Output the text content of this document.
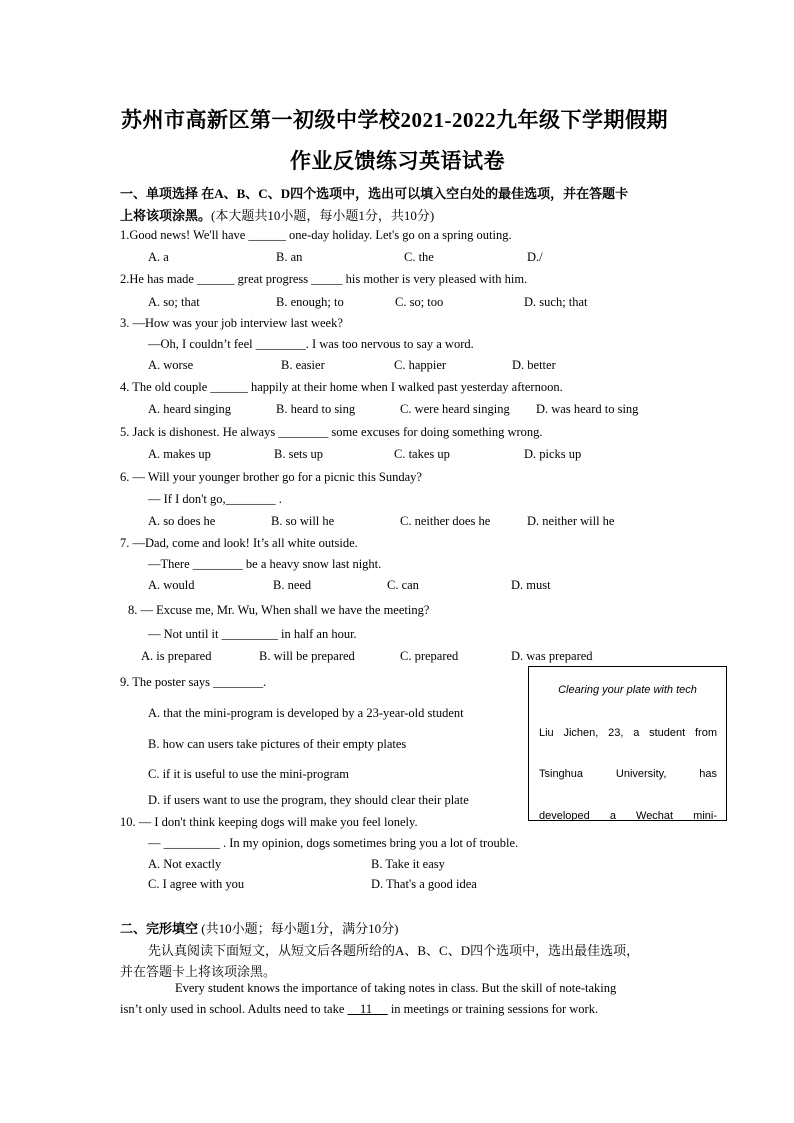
苏州市高新区第一初级中学校2021-2022九年级下学期假期
作业反馈练习英语试卷
一、单项选择 在A、B、C、D四个选项中，选出可以填入空白处的最佳选项，并在答题卡
上将该项涂黑。(本大题共10小题，每小题1分，共10分)
1.Good news! We'll have ______ one-day holiday. Let's go on a spring outing.
A. a	B. an	C. the	D./
2.He has made ______ great progress _____ his mother is very pleased with him.
A. so; that	B. enough; to	C. so; too	D. such; that
3. —How was your job interview last week?
—Oh, I couldn’t feel ________. I was too nervous to say a word.
A. worse	B. easier	C. happier	D. better
4. The old couple ______ happily at their home when I walked past yesterday afternoon.
A. heard singing	B. heard to sing	C. were heard singing D. was heard to sing
5. Jack is dishonest. He always ________ some excuses for doing something wrong.
A. makes up	B. sets up	C. takes up	D. picks up
6. — Will your younger brother go for a picnic this Sunday?
— If I don't go,________ .
A. so does he	B. so will he	C. neither does he	D. neither will he
7. —Dad, come and look! It’s all white outside.
—There ________ be a heavy snow last night.
A. would	B. need	C. can	D. must
8. — Excuse me, Mr. Wu, When shall we have the meeting?
— Not until it _________ in half an hour.
A. is prepared	B. will be prepared	C. prepared	D. was prepared
9. The poster says ________.
A. that the mini-program is developed by a 23-year-old student
B. how can users take pictures of their empty plates
C. if it is useful to use the mini-program
D. if users want to use the program, they should clear their plate
Clearing your plate with tech
Liu Jichen, 23, a student from
Tsinghua University, has
developed a Wechat mini-
10. — I don't think keeping dogs will make you feel lonely.
— _________ . In my opinion, dogs sometimes bring you a lot of trouble.
A. Not exactly	B. Take it easy
C. I agree with you	D. That's a good idea
二、完形填空 (共10小题；每小题1分，满分10分)
先认真阅读下面短文，从短文后各题所给的A、B、C、D四个选项中，选出最佳选项，
并在答题卡上将该项涂黑。
Every student knows the importance of taking notes in class. But the skill of note-taking
isn’t only used in school. Adults need to take     11      in meetings or training sessions for work.
